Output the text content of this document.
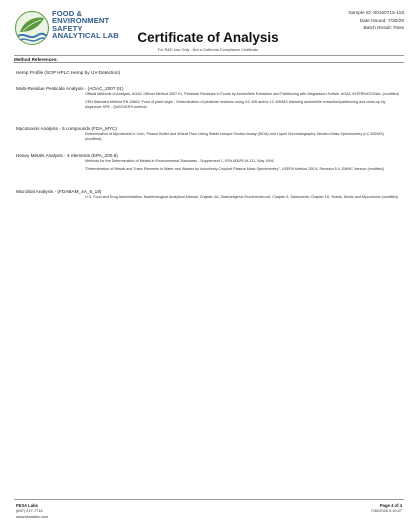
FOOD &
ENVIRONMENT
SAFETY
ANALYTICAL LAB
Sample ID: 80160715-118
Date Issued: 7/30/26
Batch Result: Pass
Certificate of Analysis
For R&D Use Only - Not a California Compliance Certificate
Method References:
Hemp Profile (SOP HPLC Hemp by UV-Detection)
Multi-Residue Pesticide Analysis - (AOAC_2007.01)

Official Methods of Analysis, AOAC Official Method 2007.01, Pesticide Residues in Foods by Acetonitrile Extraction and Partitioning with Magnesium Sulfate, AOAC INTERNATIONAL (modified)

CEN Standard Method EN 15662: Food of plant origin - Determination of pesticide residues using GC-MS and/or LC-MS/MS following acetonitrile extraction/partitioning and clean-up by dispersive SPE - QuEChERS-method.

Mycotoxins Analysis - 5 compounds (FDA_MYC)

Determination of Mycotoxins in Corn, Peanut Butter and Wheat Flour Using Stable Isotope Dilution Assay (SIDA) and Liquid Chromatography-Tandem Mass Spectrometry (LC-MS/MS) (modified).

Heavy Metals Analysis - 4 elements (EPA_200.8)

Methods for the Determination of Metals in Environmental Standards - Supplement 1, EPA-600/R-94-111, May 1994.

"Determination of Metals and Trace Elements in Water and Wastes by Inductively Coupled Plasma-Mass Spectrometry", USEPA Method 200.8, Revision 5.4, EMMC Version (modified).

Microbial Analysis - (FDABAM_4A_5_18)

U.S. Food and Drug Administration, Bacteriological Analytical Manual, Chapter 4A, Diarrheagenic Escherichia coli; Chapter 5, Salmonella; Chapter 18, Yeasts, Molds and Mycotoxins (modified).

FESA Labs
(657) 217-7716
www.fesalabs.com
Page 4 of 4
7/30/2026 0:10:07
